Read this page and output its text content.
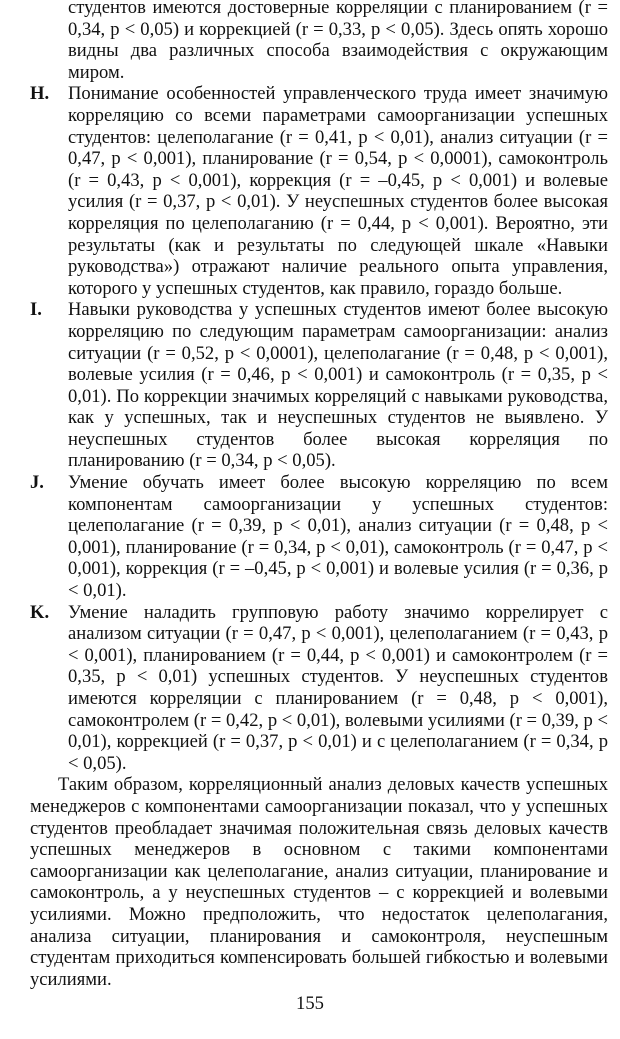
студентов имеются достоверные корреляции с планированием (r = 0,34, p < 0,05) и коррекцией (r = 0,33, p < 0,05). Здесь опять хорошо видны два различных способа взаимодействия с окружающим миром.

H. Понимание особенностей управленческого труда имеет значимую корреляцию со всеми параметрами самоорганизации успешных студентов: целеполагание (r = 0,41, p < 0,01), анализ ситуации (r = 0,47, p < 0,001), планирование (r = 0,54, p < 0,0001), самоконтроль (r = 0,43, p < 0,001), коррекция (r = –0,45, p < 0,001) и волевые усилия (r = 0,37, p < 0,01). У неуспешных студентов более высокая корреляция по целеполаганию (r = 0,44, p < 0,001). Вероятно, эти результаты (как и результаты по следующей шкале «Навыки руководства») отражают наличие реального опыта управления, которого у успешных студентов, как правило, гораздо больше.
I. Навыки руководства у успешных студентов имеют более высокую корреляцию по следующим параметрам самоорганизации: анализ ситуации (r = 0,52, p < 0,0001), целеполагание (r = 0,48, p < 0,001), волевые усилия (r = 0,46, p < 0,001) и самоконтроль (r = 0,35, p < 0,01). По коррекции значимых корреляций с навыками руководства, как у успешных, так и неуспешных студентов не выявлено. У неуспешных студентов более высокая корреляция по планированию (r = 0,34, p < 0,05).
J. Умение обучать имеет более высокую корреляцию по всем компонентам самоорганизации у успешных студентов: целеполагание (r = 0,39, p < 0,01), анализ ситуации (r = 0,48, p < 0,001), планирование (r = 0,34, p < 0,01), самоконтроль (r = 0,47, p < 0,001), коррекция (r = –0,45, p < 0,001) и волевые усилия (r = 0,36, p < 0,01).
K. Умение наладить групповую работу значимо коррелирует с анализом ситуации (r = 0,47, p < 0,001), целеполаганием (r = 0,43, p < 0,001), планированием (r = 0,44, p < 0,001) и самоконтролем (r = 0,35, p < 0,01) успешных студентов. У неуспешных студентов имеются корреляции с планированием (r = 0,48, p < 0,001), самоконтролем (r = 0,42, p < 0,01), волевыми усилиями (r = 0,39, p < 0,01), коррекцией (r = 0,37, p < 0,01) и с целеполаганием (r = 0,34, p < 0,05).

Таким образом, корреляционный анализ деловых качеств успешных менеджеров с компонентами самоорганизации показал, что у успешных студентов преобладает значимая положительная связь деловых качеств успешных менеджеров в основном с такими компонентами самоорганизации как целеполагание, анализ ситуации, планирование и самоконтроль, а у неуспешных студентов – с коррекцией и волевыми усилиями. Можно предположить, что недостаток целеполагания, анализа ситуации, планирования и самоконтроля, неуспешным студентам приходиться компенсировать большей гибкостью и волевыми усилиями.

155
